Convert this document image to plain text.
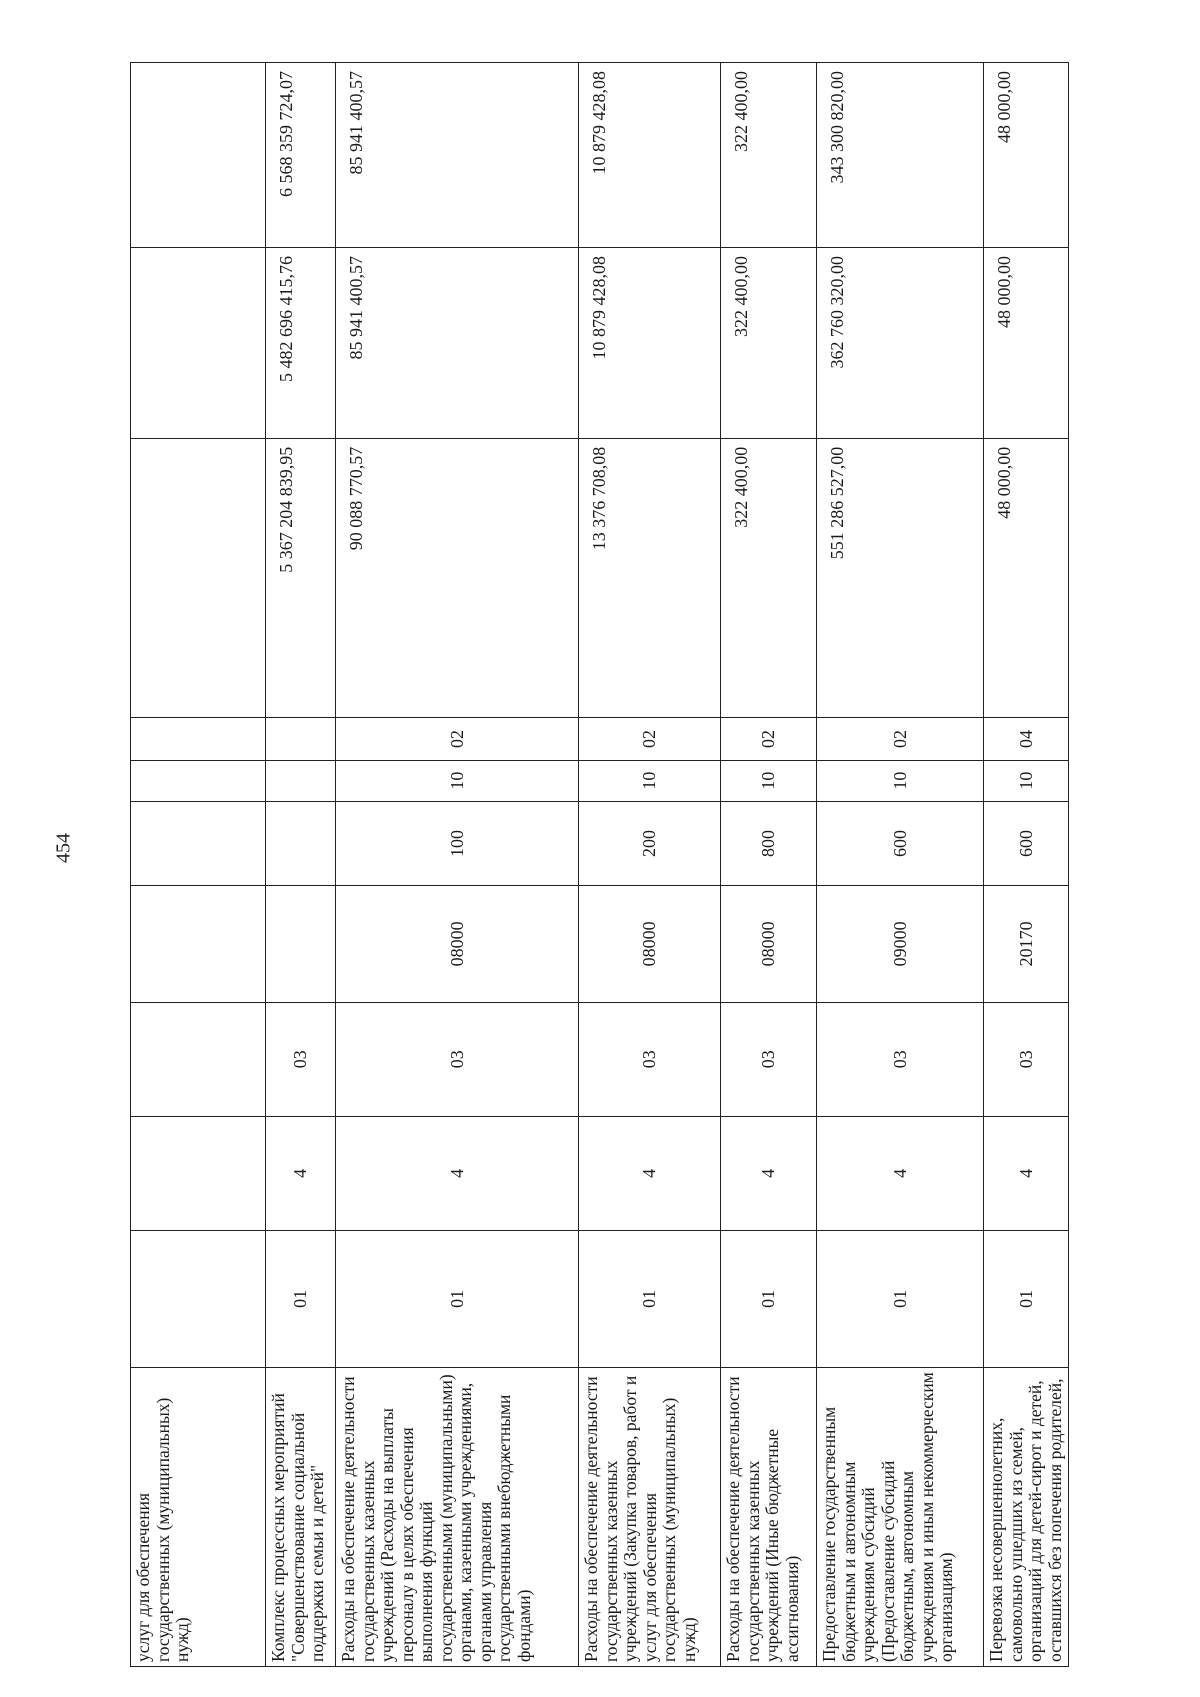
454
услуг для обеспечения государственных (муниципальных) нужд)										
Комплекс процессных мероприятий "Совершенствование социальной поддержки семьи и детей"	01	4	03					5 367 204 839,95	5 482 696 415,76	6 568 359 724,07
Расходы на обеспечение деятельности государственных казенных учреждений (Расходы на выплаты персоналу в целях обеспечения выполнения функций государственными (муниципальными) органами, казенными учреждениями, органами управления государственными внебюджетными фондами)	01	4	03	08000	100	10	02	90 088 770,57	85 941 400,57	85 941 400,57
Расходы на обеспечение деятельности государственных казенных учреждений (Закупка товаров, работ и услуг для обеспечения государственных (муниципальных) нужд)	01	4	03	08000	200	10	02	13 376 708,08	10 879 428,08	10 879 428,08
Расходы на обеспечение деятельности государственных казенных учреждений (Иные бюджетные ассигнования)	01	4	03	08000	800	10	02	322 400,00	322 400,00	322 400,00
Предоставление государственным бюджетным и автономным учреждениям субсидий (Предоставление субсидий бюджетным, автономным учреждениям и иным некоммерческим организациям)	01	4	03	09000	600	10	02	551 286 527,00	362 760 320,00	343 300 820,00
Перевозка несовершеннолетних, самовольно ушедших из семей, организаций для детей-сирот и детей, оставшихся без попечения родителей,	01	4	03	20170	600	10	04	48 000,00	48 000,00	48 000,00
